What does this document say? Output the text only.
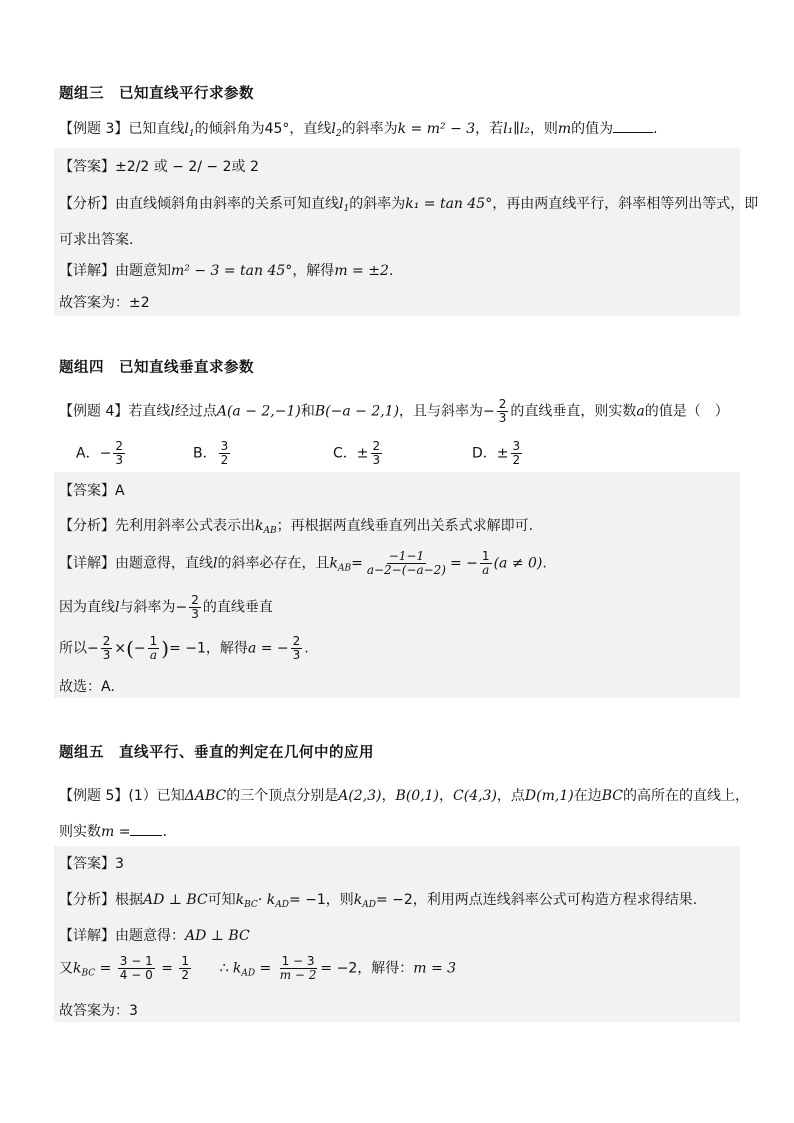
题组三　已知直线平行求参数
【例题 3】已知直线$l_1$的倾斜角为45°，直线$l_2$的斜率为k = m² − 3，若l₁∥l₂，则m的值为	.
【答案】±2/2 或 − 2/ − 2或 2
【分析】由直线倾斜角由斜率的关系可知直线$l_1$的斜率为k₁ = tan 45°，再由两直线平行，斜率相等列出等式，即
可求出答案.
【详解】由题意知m² − 3 = tan 45°，解得m = ±2.
故答案为：±2
题组四　已知直线垂直求参数
【例题 4】若直线l经过点A(a − 2,−1)和B(−a − 2,1)，且与斜率为− $\frac{2}{3}$ 的直线垂直，则实数a的值是（　）
A．− $\frac{2}{3}$	B． $\frac{3}{2}$	C．± $\frac{2}{3}$	D．± $\frac{3}{2}$
【答案】A
【分析】先利用斜率公式表示出$k_{AB}$；再根据两直线垂直列出关系式求解即可.
【详解】由题意得，直线l的斜率必存在，且$k_{AB}= \frac{-1-1}{a-2-(-a-2)}$ = − $\frac{1}{a} (a \ne 0)$.
因为直线l与斜率为− $\frac{2}{3}$ 的直线垂直
所以− $\frac{2}{3}$ ×(− $\frac{1}{a}$ )= −1，解得a = − $\frac{2}{3}$ .
故选：A.
题组五　直线平行、垂直的判定在几何中的应用
【例题 5】(1）已知ΔABC的三个顶点分别是A(2,3)，B(0,1)，C(4,3)，点D(m,1)在边BC的高所在的直线上，
则实数m = .
【答案】3
【分析】根据AD ⊥ BC可知$k_{BC}\cdot k_{AD}= -1$，则$k_{AD}= -2$，利用两点连线斜率公式可构造方程求得结果.
【详解】由题意得：AD ⊥ BC
又$k_{BC} = \frac{3 - 1}{4 - 0} = \frac{1}{2}$ ∴ $k_{AD} = \frac{1 - 3}{m - 2} = -2$，解得：m = 3
故答案为：3
